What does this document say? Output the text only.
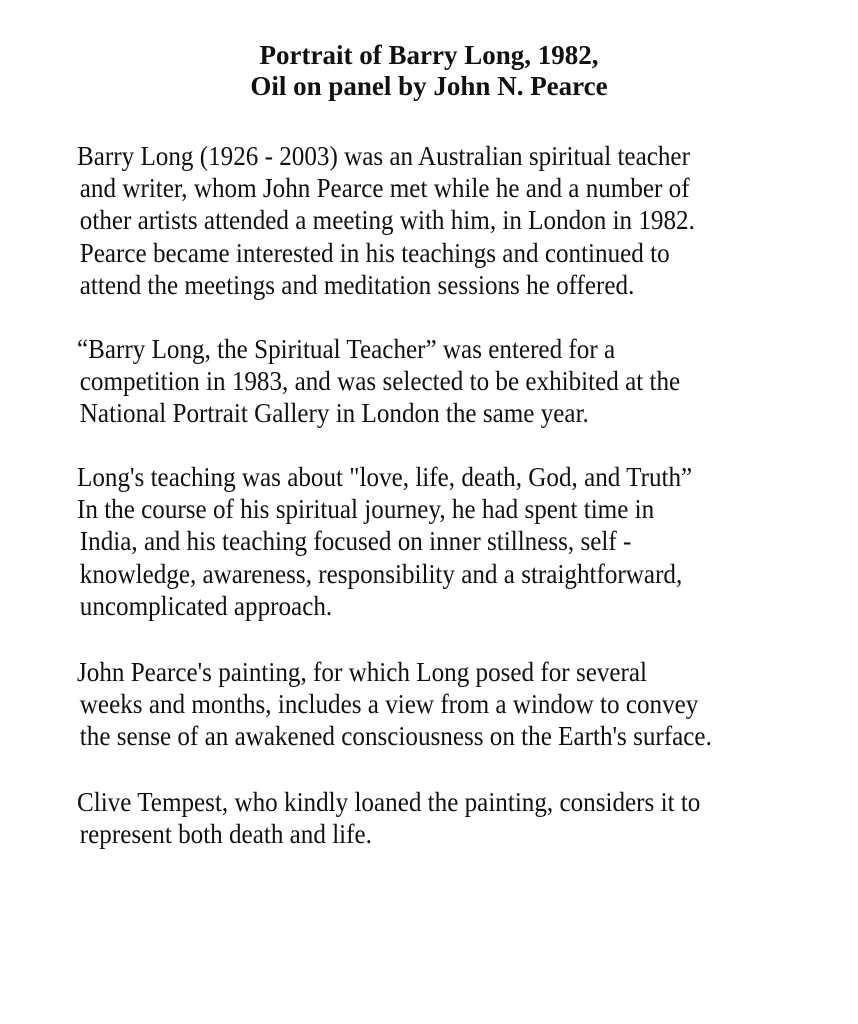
Portrait of Barry Long, 1982,
Oil on panel by John N. Pearce
Barry Long (1926 - 2003) was an Australian spiritual teacher
and writer, whom John Pearce met while he and a number of
other artists attended a meeting with him, in London in 1982.
Pearce became interested in his teachings and continued to
attend the meetings and meditation sessions he offered.
“Barry Long, the Spiritual Teacher” was entered for a
competition in 1983, and was selected to be exhibited at the
National Portrait Gallery in London the same year.
Long's teaching was about "love, life, death, God, and Truth”
In the course of his spiritual journey, he had spent time in
India, and his teaching focused on inner stillness, self -
knowledge, awareness, responsibility and a straightforward,
uncomplicated approach.
John Pearce's painting, for which Long posed for several
weeks and months, includes a view from a window to convey
the sense of an awakened consciousness on the Earth's surface.
Clive Tempest, who kindly loaned the painting, considers it to
represent both death and life.
